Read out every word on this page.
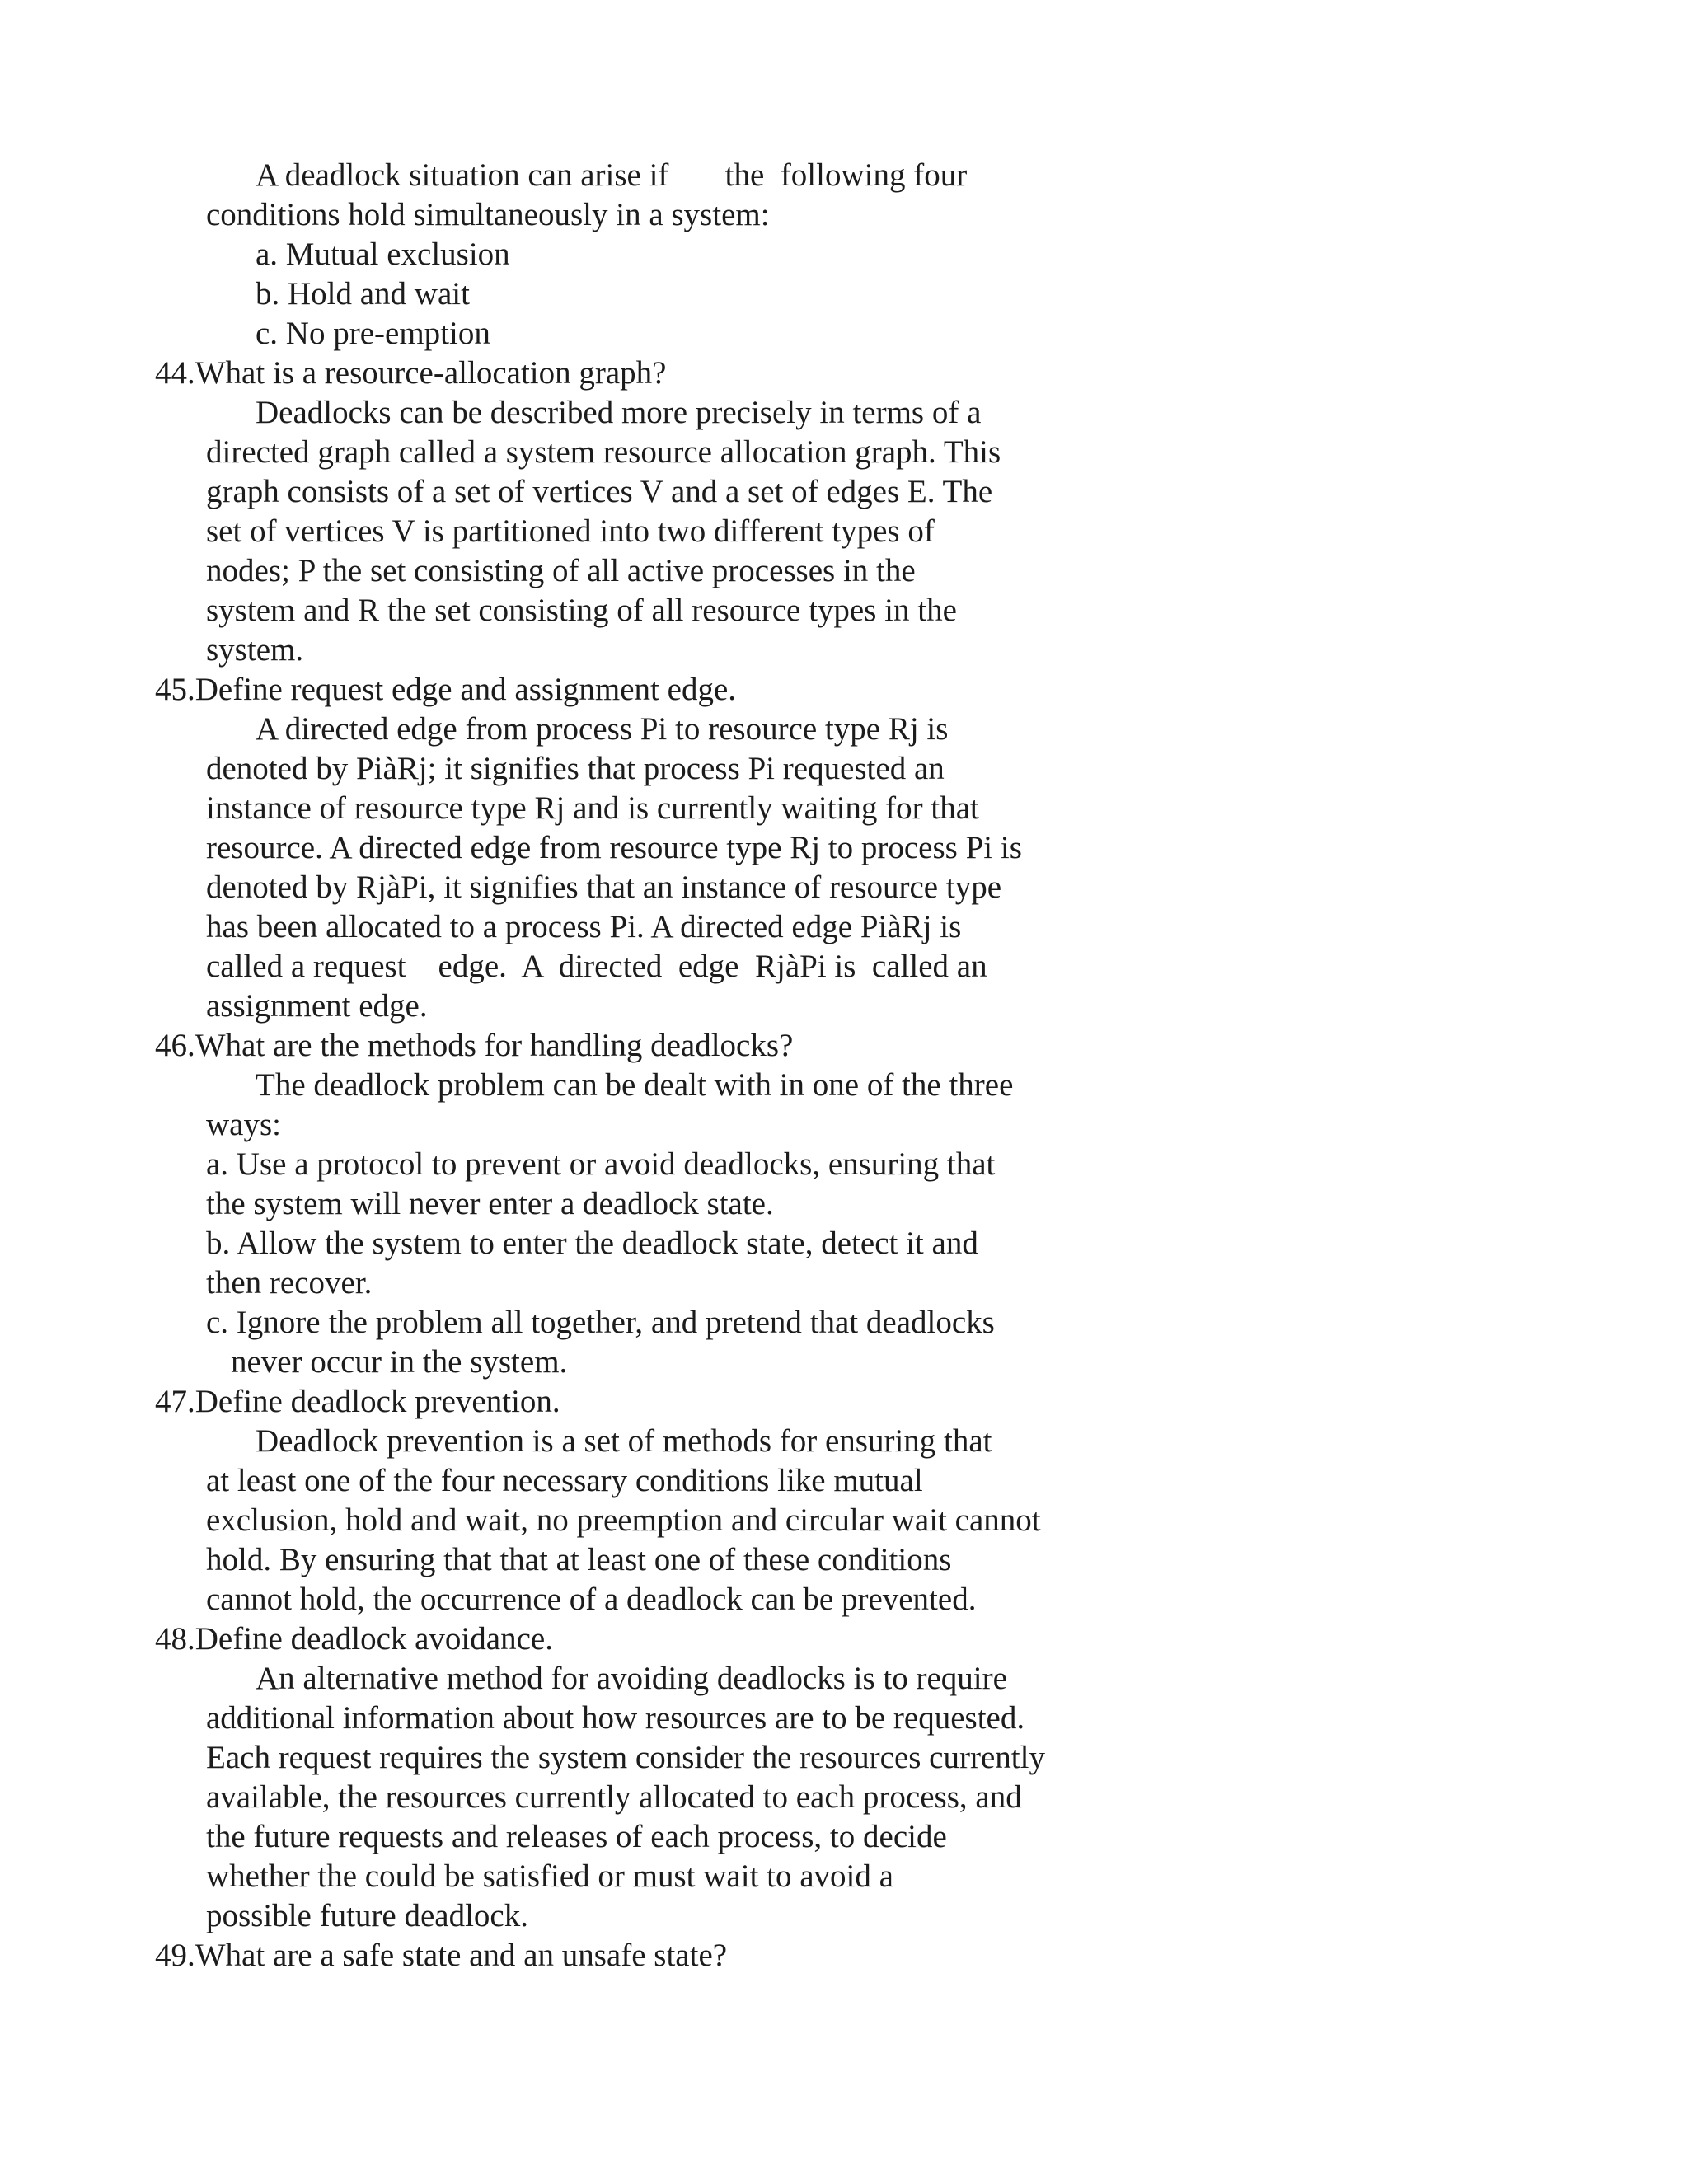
A deadlock situation can arise if       the  following four
conditions hold simultaneously in a system:
a. Mutual exclusion
b. Hold and wait
c. No pre-emption
44.What is a resource-allocation graph?
Deadlocks can be described more precisely in terms of a
directed graph called a system resource allocation graph. This
graph consists of a set of vertices V and a set of edges E. The
set of vertices V is partitioned into two different types of
nodes; P the set consisting of all active processes in the
system and R the set consisting of all resource types in the
system.
45.Define request edge and assignment edge.
A directed edge from process Pi to resource type Rj is
denoted by PiàRj; it signifies that process Pi requested an
instance of resource type Rj and is currently waiting for that
resource. A directed edge from resource type Rj to process Pi is
denoted by RjàPi, it signifies that an instance of resource type
has been allocated to a process Pi. A directed edge PiàRj is
called a request    edge.  A  directed  edge  RjàPi is  called an
assignment edge.
46.What are the methods for handling deadlocks?
The deadlock problem can be dealt with in one of the three
ways:
a. Use a protocol to prevent or avoid deadlocks, ensuring that
the system will never enter a deadlock state.
b. Allow the system to enter the deadlock state, detect it and
then recover.
c. Ignore the problem all together, and pretend that deadlocks
never occur in the system.
47.Define deadlock prevention.
Deadlock prevention is a set of methods for ensuring that
at least one of the four necessary conditions like mutual
exclusion, hold and wait, no preemption and circular wait cannot
hold. By ensuring that that at least one of these conditions
cannot hold, the occurrence of a deadlock can be prevented.
48.Define deadlock avoidance.
An alternative method for avoiding deadlocks is to require
additional information about how resources are to be requested.
Each request requires the system consider the resources currently
available, the resources currently allocated to each process, and
the future requests and releases of each process, to decide
whether the could be satisfied or must wait to avoid a
possible future deadlock.
49.What are a safe state and an unsafe state?
